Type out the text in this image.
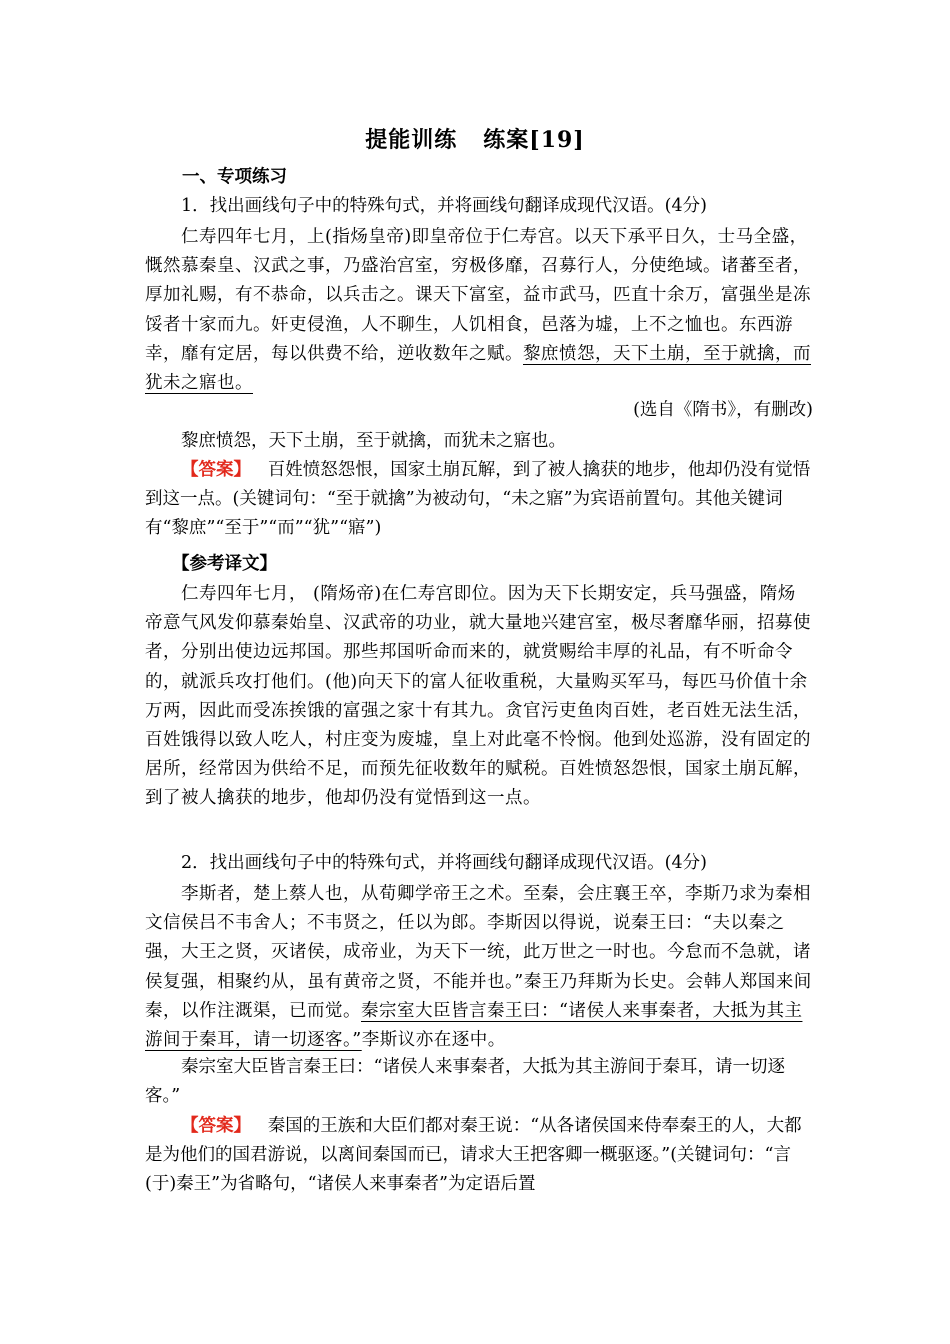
提能训练 练案[19]
一、专项练习
1．找出画线句子中的特殊句式，并将画线句翻译成现代汉语。(4分)
仁寿四年七月，上(指炀皇帝)即皇帝位于仁寿宫。以天下承平日久，士马全盛，慨然慕秦皇、汉武之事，乃盛治宫室，穷极侈靡，召募行人，分使绝域。诸蕃至者，厚加礼赐，有不恭命，以兵击之。课天下富室，益市武马，匹直十余万，富强坐是冻馁者十家而九。奸吏侵渔，人不聊生，人饥相食，邑落为墟，上不之恤也。东西游幸，靡有定居，每以供费不给，逆收数年之赋。黎庶愤怨，天下土崩，至于就擒，而犹未之寤也。
(选自《隋书》，有删改)
黎庶愤怨，天下土崩，至于就擒，而犹未之寤也。
【答案】 百姓愤怒怨恨，国家土崩瓦解，到了被人擒获的地步，他却仍没有觉悟到这一点。(关键词句：“至于就擒”为被动句，“未之寤”为宾语前置句。其他关键词有“黎庶”“至于”“而”“犹”“寤”)
【参考译文】
仁寿四年七月， (隋炀帝)在仁寿宫即位。因为天下长期安定，兵马强盛，隋炀帝意气风发仰慕秦始皇、汉武帝的功业，就大量地兴建宫室，极尽奢靡华丽，招募使者，分别出使边远邦国。那些邦国听命而来的，就赏赐给丰厚的礼品，有不听命令的，就派兵攻打他们。(他)向天下的富人征收重税，大量购买军马，每匹马价值十余万两，因此而受冻挨饿的富强之家十有其九。贪官污吏鱼肉百姓，老百姓无法生活，百姓饿得以致人吃人，村庄变为废墟，皇上对此毫不怜悯。他到处巡游，没有固定的居所，经常因为供给不足，而预先征收数年的赋税。百姓愤怒怨恨，国家土崩瓦解，到了被人擒获的地步，他却仍没有觉悟到这一点。
2．找出画线句子中的特殊句式，并将画线句翻译成现代汉语。(4分)
李斯者，楚上蔡人也，从荀卿学帝王之术。至秦，会庄襄王卒，李斯乃求为秦相文信侯吕不韦舍人；不韦贤之，任以为郎。李斯因以得说，说秦王曰：“夫以秦之强，大王之贤，灭诸侯，成帝业，为天下一统，此万世之一时也。今怠而不急就，诸侯复强，相聚约从，虽有黄帝之贤，不能并也。”秦王乃拜斯为长史。会韩人郑国来间秦，以作注溉渠，已而觉。秦宗室大臣皆言秦王曰：“诸侯人来事秦者，大抵为其主游间于秦耳，请一切逐客。”李斯议亦在逐中。
秦宗室大臣皆言秦王曰：“诸侯人来事秦者，大抵为其主游间于秦耳，请一切逐客。”
【答案】 秦国的王族和大臣们都对秦王说：“从各诸侯国来侍奉秦王的人，大都是为他们的国君游说，以离间秦国而已，请求大王把客卿一概驱逐。”(关键词句：“言(于)秦王”为省略句，“诸侯人来事秦者”为定语后置
